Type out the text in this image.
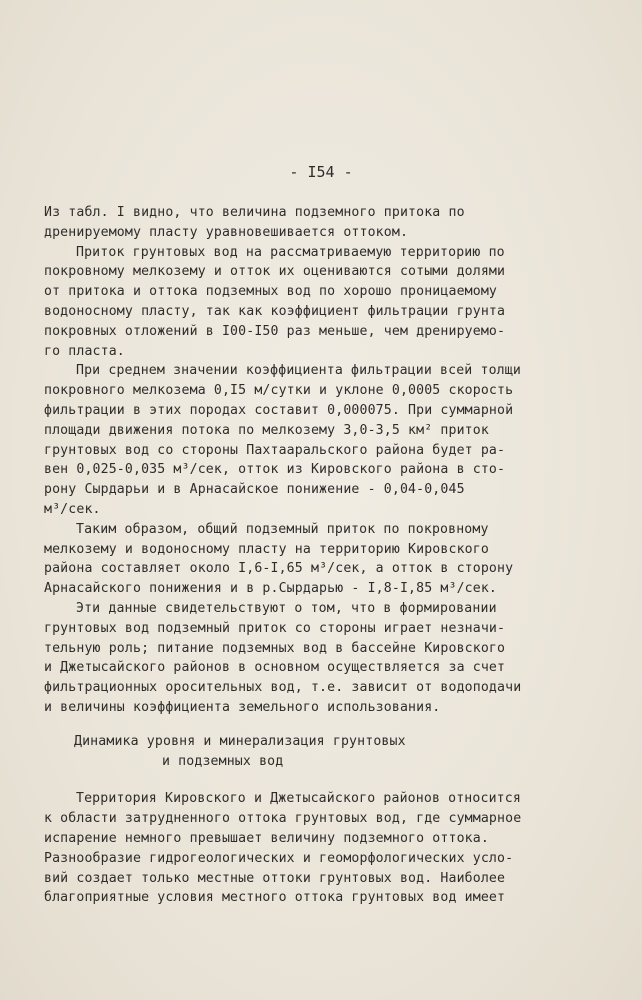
- I54 -
Из табл. I видно, что величина подземного притока по
дренируемому пласту уравновешивается оттоком.
Приток грунтовых вод на рассматриваемую территорию по
покровному мелкозему и отток их оцениваются сотыми долями
от притока и оттока подземных вод по хорошо проницаемому
водоносному пласту, так как коэффициент фильтрации грунта
покровных отложений в I00-I50 раз меньше, чем дренируемо-
го пласта.
При среднем значении коэффициента фильтрации всей толщи
покровного мелкозема 0,I5 м/сутки и уклоне 0,0005 скорость
фильтрации в этих породах составит 0,000075. При суммарной
площади движения потока по мелкозему 3,0-3,5 км² приток
грунтовых вод со стороны Пахтааральского района будет ра-
вен 0,025-0,035 м³/сек, отток из Кировского района в сто-
рону Сырдарьи и в Арнасайское понижение - 0,04-0,045
м³/сек.
Таким образом, общий подземный приток по покровному
мелкозему и водоносному пласту на территорию Кировского
района составляет около I,6-I,65 м³/сек, а отток в сторону
Арнасайского понижения и в р.Сырдарью - I,8-I,85 м³/сек.
Эти данные свидетельствуют о том, что в формировании
грунтовых вод подземный приток со стороны играет незначи-
тельную роль; питание подземных вод в бассейне Кировского
и Джетысайского районов в основном осуществляется за счет
фильтрационных оросительных вод, т.е. зависит от водоподачи
и величины коэффициента земельного использования.
Динамика уровня и минерализация грунтовых
и подземных вод
Территория Кировского и Джетысайского районов относится
к области затрудненного оттока грунтовых вод, где суммарное
испарение немного превышает величину подземного оттока.
Разнообразие гидрогеологических и геоморфологических усло-
вий создает только местные оттоки грунтовых вод. Наиболее
благоприятные условия местного оттока грунтовых вод имеет
